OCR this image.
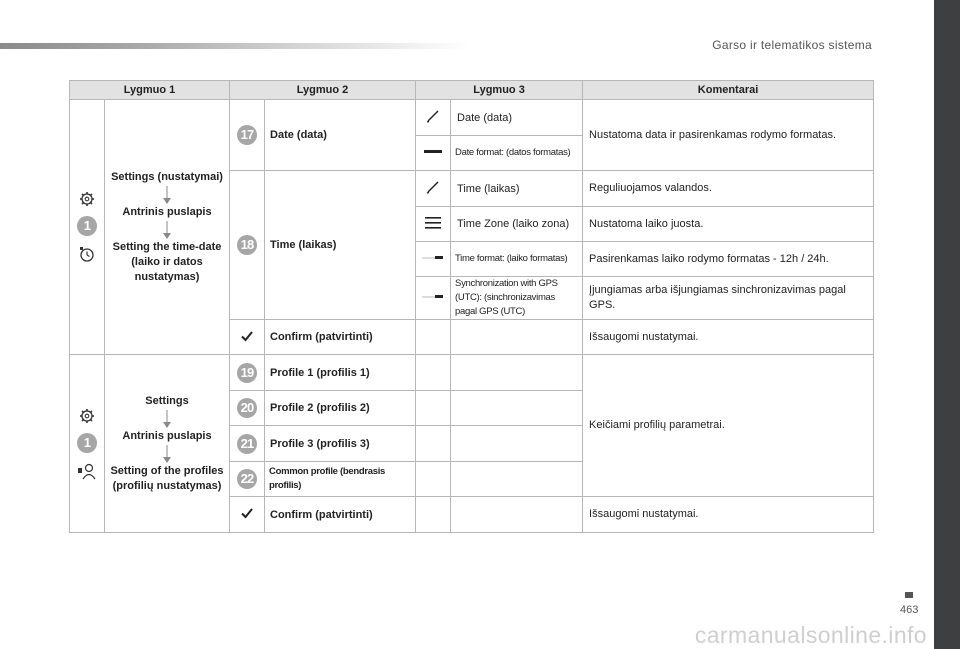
Garso ir telematikos sistema
463
carmanualsonline.info
Lygmuo 1		Lygmuo 2		Lygmuo 3		Komentarai

1	Settings (nustatymai)
Antrinis puslapis
Setting the time-date (laiko ir datos nustatymas)	17	Date (data)		Date (data)	Nustatoma data ir pasirenkamas rodymo formatas.
	Date format: (datos formatas)	
		18	Time (laikas)		Time (laikas)	Reguliuojamos valandos.
	Time Zone (laiko zona)	Nustatoma laiko juosta.
	Time format: (laiko formatas)	Pasirenkamas laiko rodymo formatas - 12h / 24h.
	Synchronization with GPS (UTC): (sinchronizavimas pagal GPS (UTC)	Įjungiamas arba išjungiamas sinchronizavimas pagal GPS.
	Confirm (patvirtinti)			Išsaugomi nustatymai.

1	Settings
Antrinis puslapis
Setting of the profiles (profilių nustatymas)	19	Profile 1 (profilis 1)			Keičiami profilių parametrai.
		20	Profile 2 (profilis 2)			
		21	Profile 3 (profilis 3)			
		22	Common profile (bendrasis profilis)			
	Confirm (patvirtinti)			Išsaugomi nustatymai.
